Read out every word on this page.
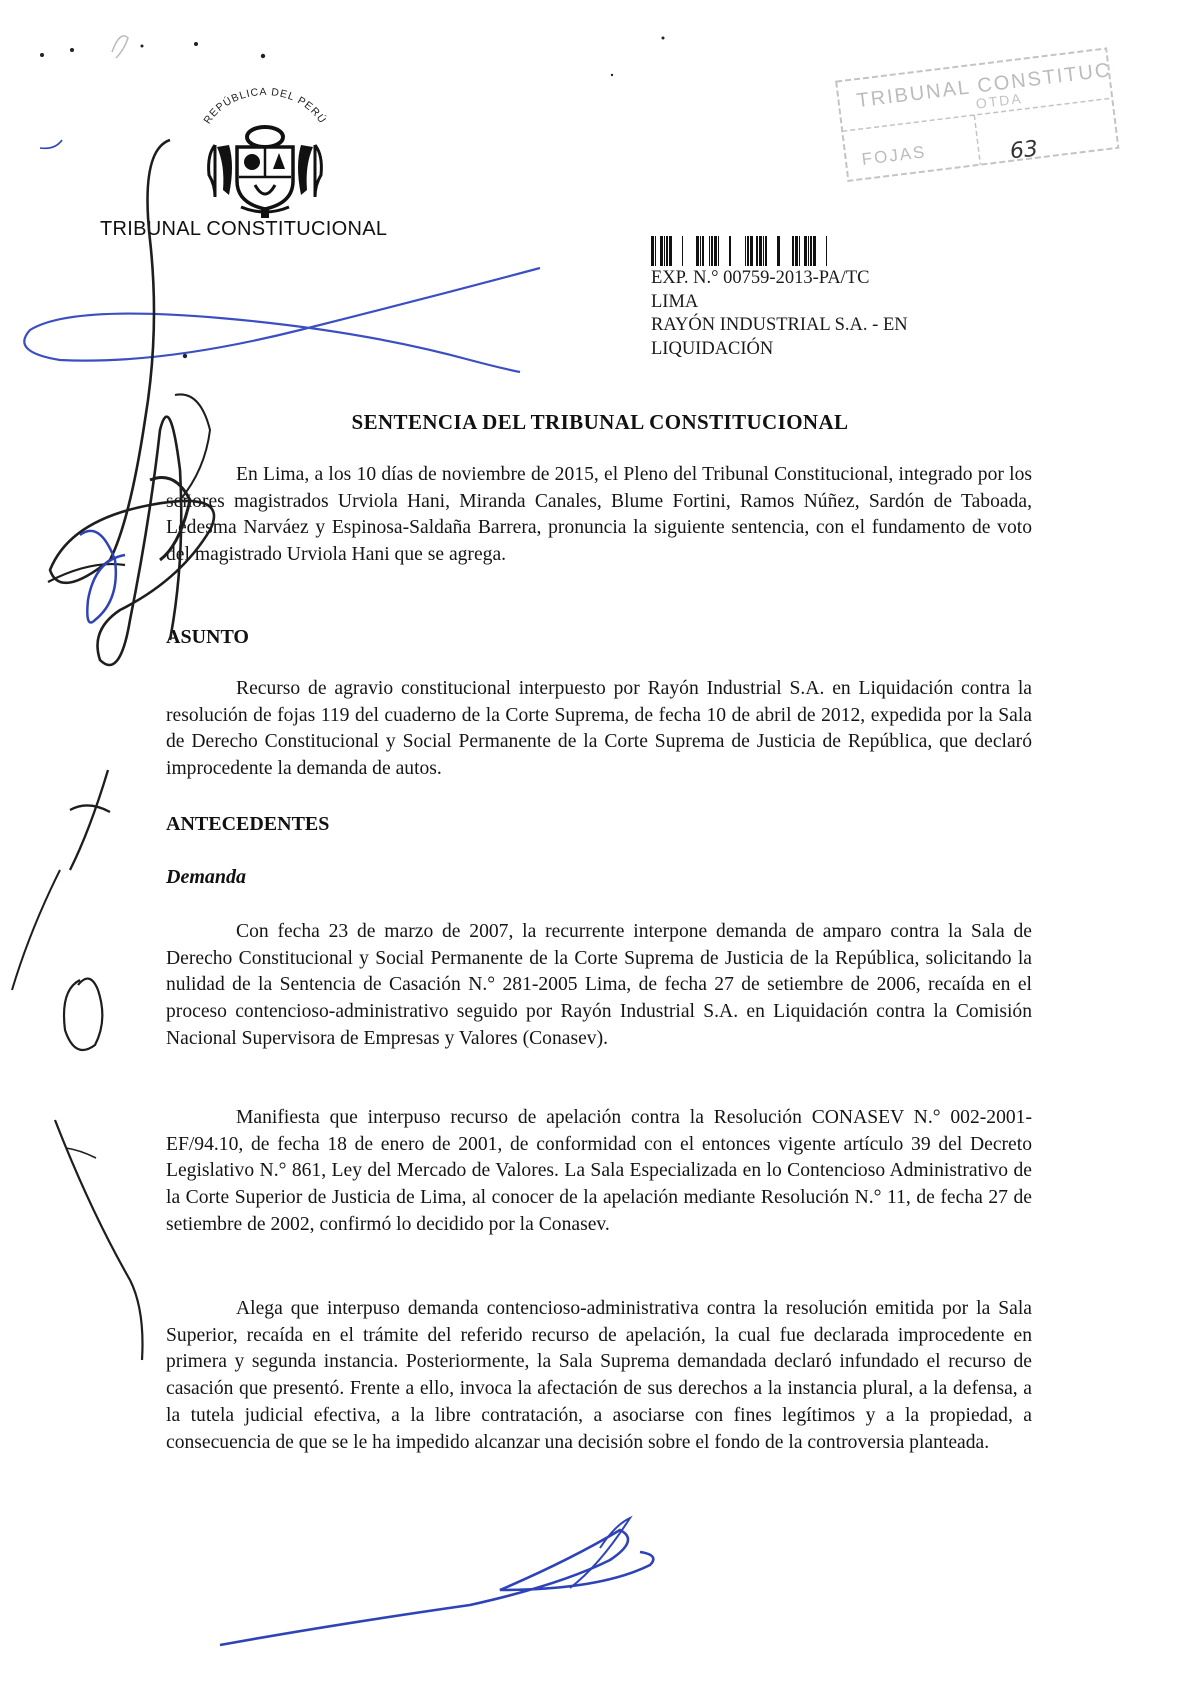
REPÚBLICA DEL PERÚ
TRIBUNAL CONSTITUCIONAL
TRIBUNAL CONSTITUCIONAL
OTDA
FOJAS	63
EXP. N.° 00759-2013-PA/TC
LIMA
RAYÓN INDUSTRIAL S.A. - EN
LIQUIDACIÓN
SENTENCIA DEL TRIBUNAL CONSTITUCIONAL
En Lima, a los 10 días de noviembre de 2015, el Pleno del Tribunal Constitucional, integrado por los señores magistrados Urviola Hani, Miranda Canales, Blume Fortini, Ramos Núñez, Sardón de Taboada, Ledesma Narváez y Espinosa-Saldaña Barrera, pronuncia la siguiente sentencia, con el fundamento de voto del magistrado Urviola Hani que se agrega.
ASUNTO
Recurso de agravio constitucional interpuesto por Rayón Industrial S.A. en Liquidación contra la resolución de fojas 119 del cuaderno de la Corte Suprema, de fecha 10 de abril de 2012, expedida por la Sala de Derecho Constitucional y Social Permanente de la Corte Suprema de Justicia de República, que declaró improcedente la demanda de autos.
ANTECEDENTES
Demanda
Con fecha 23 de marzo de 2007, la recurrente interpone demanda de amparo contra la Sala de Derecho Constitucional y Social Permanente de la Corte Suprema de Justicia de la República, solicitando la nulidad de la Sentencia de Casación N.° 281-2005 Lima, de fecha 27 de setiembre de 2006, recaída en el proceso contencioso-administrativo seguido por Rayón Industrial S.A. en Liquidación contra la Comisión Nacional Supervisora de Empresas y Valores (Conasev).
Manifiesta que interpuso recurso de apelación contra la Resolución CONASEV N.° 002-2001-EF/94.10, de fecha 18 de enero de 2001, de conformidad con el entonces vigente artículo 39 del Decreto Legislativo N.° 861, Ley del Mercado de Valores. La Sala Especializada en lo Contencioso Administrativo de la Corte Superior de Justicia de Lima, al conocer de la apelación mediante Resolución N.° 11, de fecha 27 de setiembre de 2002, confirmó lo decidido por la Conasev.
Alega que interpuso demanda contencioso-administrativa contra la resolución emitida por la Sala Superior, recaída en el trámite del referido recurso de apelación, la cual fue declarada improcedente en primera y segunda instancia. Posteriormente, la Sala Suprema demandada declaró infundado el recurso de casación que presentó. Frente a ello, invoca la afectación de sus derechos a la instancia plural, a la defensa, a la tutela judicial efectiva, a la libre contratación, a asociarse con fines legítimos y a la propiedad, a consecuencia de que se le ha impedido alcanzar una decisión sobre el fondo de la controversia planteada.
